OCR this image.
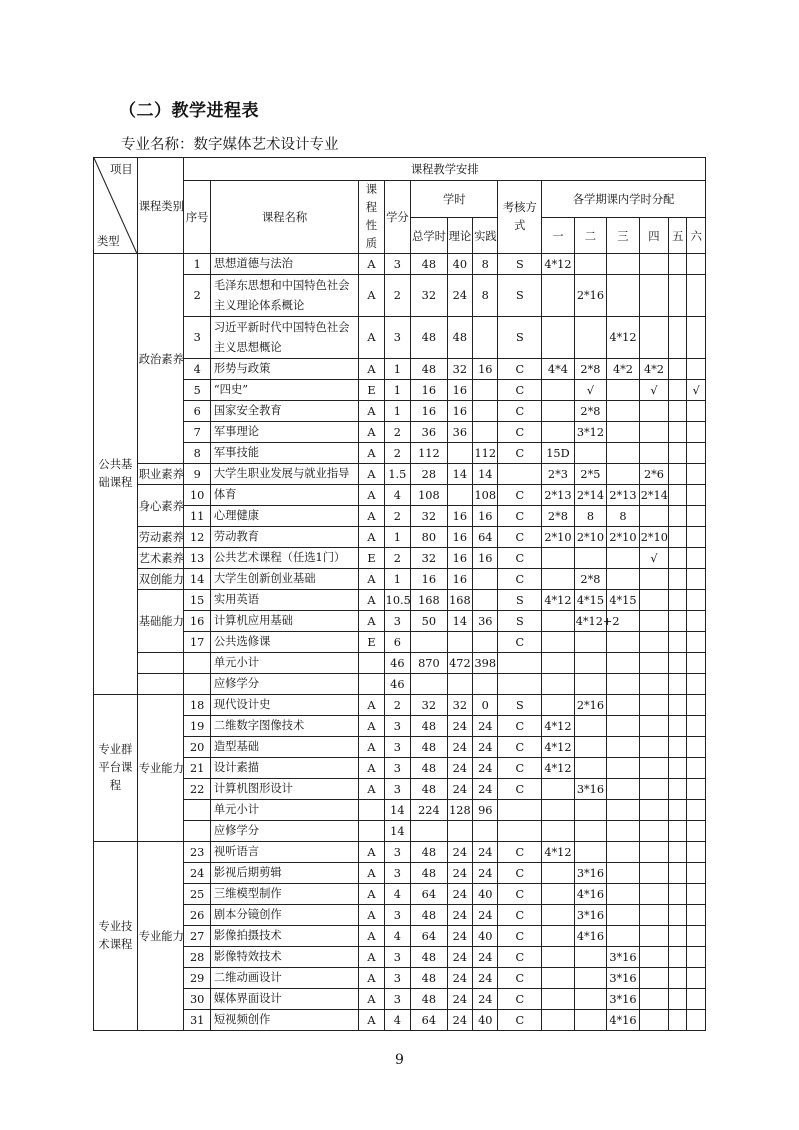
（二）教学进程表
专业名称：数字媒体艺术设计专业
项目
类型	课程类别	课程教学安排													
		序号	课程名称	课程性质	学分	学时			考核方式	各学期课内学时分配					
						总学时	理论	实践		一	二	三	四	五	六
公共基础课程	政治素养	1	思想道德与法治	A	3	48	40	8	S	4*12					
		2	毛泽东思想和中国特色社会主义理论体系概论	A	2	32	24	8	S		2*16				
		3	习近平新时代中国特色社会主义思想概论	A	3	48	48		S			4*12			
		4	形势与政策	A	1	48	32	16	C	4*4	2*8	4*2	4*2		
		5	“四史”	E	1	16	16		C		√		√		√
		6	国家安全教育	A	1	16	16		C		2*8				
		7	军事理论	A	2	36	36		C		3*12				
		8	军事技能	A	2	112		112	C	15D					
	职业素养	9	大学生职业发展与就业指导	A	1.5	28	14	14		2*3	2*5		2*6		
	身心素养	10	体育	A	4	108		108	C	2*13	2*14	2*13	2*14		
		11	心理健康	A	2	32	16	16	C	2*8	8	8			
	劳动素养	12	劳动教育	A	1	80	16	64	C	2*10	2*10	2*10	2*10		
	艺术素养	13	公共艺术课程（任选1门）	E	2	32	16	16	C				√		
	双创能力	14	大学生创新创业基础	A	1	16	16		C		2*8				
	基础能力	15	实用英语	A	10.5	168	168		S	4*12	4*15	4*15			
		16	计算机应用基础	A	3	50	14	36	S		4*12+2				
		17	公共选修课	E	6				C						
			单元小计		46	870	472	398							
			应修学分		46										
专业群平台课程	专业能力	18	现代设计史	A	2	32	32	0	S		2*16				
		19	二维数字图像技术	A	3	48	24	24	C	4*12					
		20	造型基础	A	3	48	24	24	C	4*12					
		21	设计素描	A	3	48	24	24	C	4*12					
		22	计算机图形设计	A	3	48	24	24	C		3*16				
			单元小计		14	224	128	96							
			应修学分		14										
专业技术课程	专业能力	23	视听语言	A	3	48	24	24	C	4*12					
		24	影视后期剪辑	A	3	48	24	24	C		3*16				
		25	三维模型制作	A	4	64	24	40	C		4*16				
		26	剧本分镜创作	A	3	48	24	24	C		3*16				
		27	影像拍摄技术	A	4	64	24	40	C		4*16				
		28	影像特效技术	A	3	48	24	24	C			3*16			
		29	二维动画设计	A	3	48	24	24	C			3*16			
		30	媒体界面设计	A	3	48	24	24	C			3*16			
		31	短视频创作	A	4	64	24	40	C			4*16			
9
